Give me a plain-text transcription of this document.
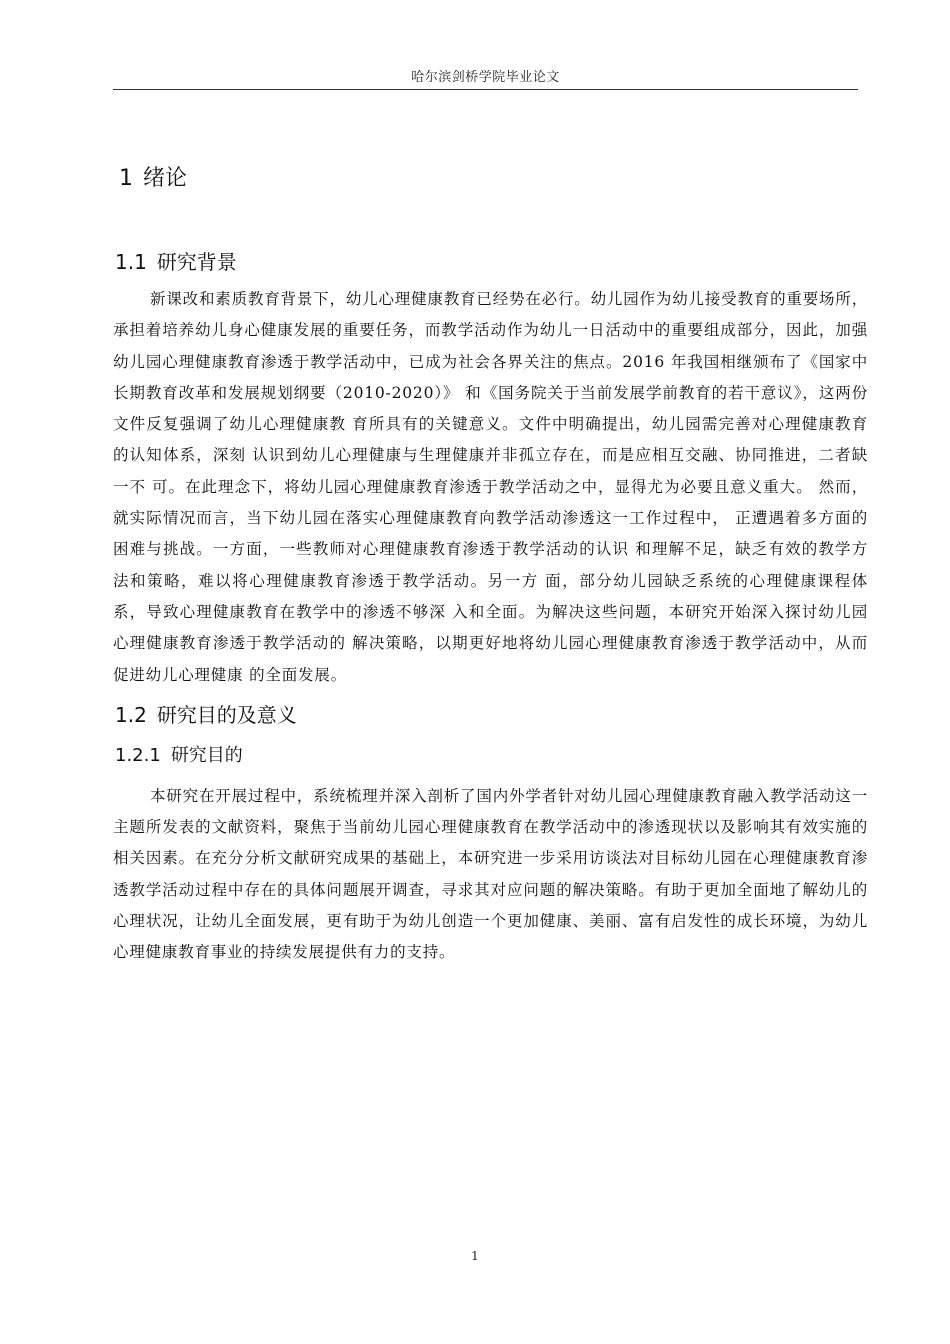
哈尔滨剑桥学院毕业论文
1 绪论
1.1 研究背景

新课改和素质教育背景下，幼儿心理健康教育已经势在必行。幼儿园作为幼儿接受教育的重要场所，承担着培养幼儿身心健康发展的重要任务，而教学活动作为幼儿一日活动中的重要组成部分，因此，加强幼儿园心理健康教育渗透于教学活动中，已成为社会各界关注的焦点。2016 年我国相继颁布了《国家中长期教育改革和发展规划纲要（2010-2020）》 和《国务院关于当前发展学前教育的若干意议》，这两份文件反复强调了幼儿心理健康教 育所具有的关键意义。文件中明确提出，幼儿园需完善对心理健康教育的认知体系，深刻 认识到幼儿心理健康与生理健康并非孤立存在，而是应相互交融、协同推进，二者缺一不 可。在此理念下，将幼儿园心理健康教育渗透于教学活动之中，显得尤为必要且意义重大。 然而，就实际情况而言，当下幼儿园在落实心理健康教育向教学活动渗透这一工作过程中， 正遭遇着多方面的困难与挑战。一方面，一些教师对心理健康教育渗透于教学活动的认识 和理解不足，缺乏有效的教学方法和策略，难以将心理健康教育渗透于教学活动。另一方 面，部分幼儿园缺乏系统的心理健康课程体系，导致心理健康教育在教学中的渗透不够深 入和全面。为解决这些问题，本研究开始深入探讨幼儿园心理健康教育渗透于教学活动的 解决策略，以期更好地将幼儿园心理健康教育渗透于教学活动中，从而促进幼儿心理健康 的全面发展。

1.2 研究目的及意义
1.2.1 研究目的

本研究在开展过程中，系统梳理并深入剖析了国内外学者针对幼儿园心理健康教育融入教学活动这一主题所发表的文献资料，聚焦于当前幼儿园心理健康教育在教学活动中的渗透现状以及影响其有效实施的相关因素。在充分分析文献研究成果的基础上，本研究进一步采用访谈法对目标幼儿园在心理健康教育渗透教学活动过程中存在的具体问题展开调查，寻求其对应问题的解决策略。有助于更加全面地了解幼儿的心理状况，让幼儿全面发展，更有助于为幼儿创造一个更加健康、美丽、富有启发性的成长环境，为幼儿心理健康教育事业的持续发展提供有力的支持。

1
